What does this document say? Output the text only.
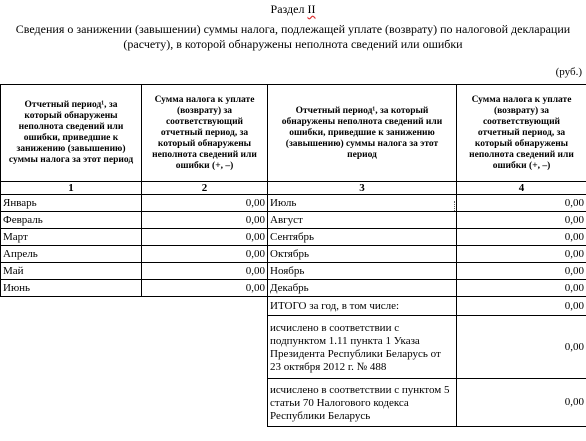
Раздел II
Сведения о занижении (завышении) суммы налога, подлежащей уплате (возврату) по налоговой декларации (расчету), в которой обнаружены неполнота сведений или ошибки
(руб.)
Отчетный период¹, за который обнаружены неполнота сведений или ошибки, приведшие к занижению (завышению) суммы налога за этот период	Сумма налога к уплате (возврату) за соответствующий отчетный период, за который обнаружены неполнота сведений или ошибки (+, –)	Отчетный период¹, за который обнаружены неполнота сведений или ошибки, приведшие к занижению (завышению) суммы налога за этот период	Сумма налога к уплате (возврату) за соответствующий отчетный период, за который обнаружены неполнота сведений или ошибки (+, –)
1	2	3	4
Январь	0,00	Июль	0,00
Февраль	0,00	Август	0,00
Март	0,00	Сентябрь	0,00
Апрель	0,00	Октябрь	0,00
Май	0,00	Ноябрь	0,00
Июнь	0,00	Декабрь	0,00
		ИТОГО за год, в том числе:	0,00
		исчислено в соответствии с подпунктом 1.11 пункта 1 Указа Президента Республики Беларусь от 23 октября 2012 г. № 488	0,00
		исчислено в соответствии с пунктом 5 статьи 70 Налогового кодекса Республики Беларусь	0,00
